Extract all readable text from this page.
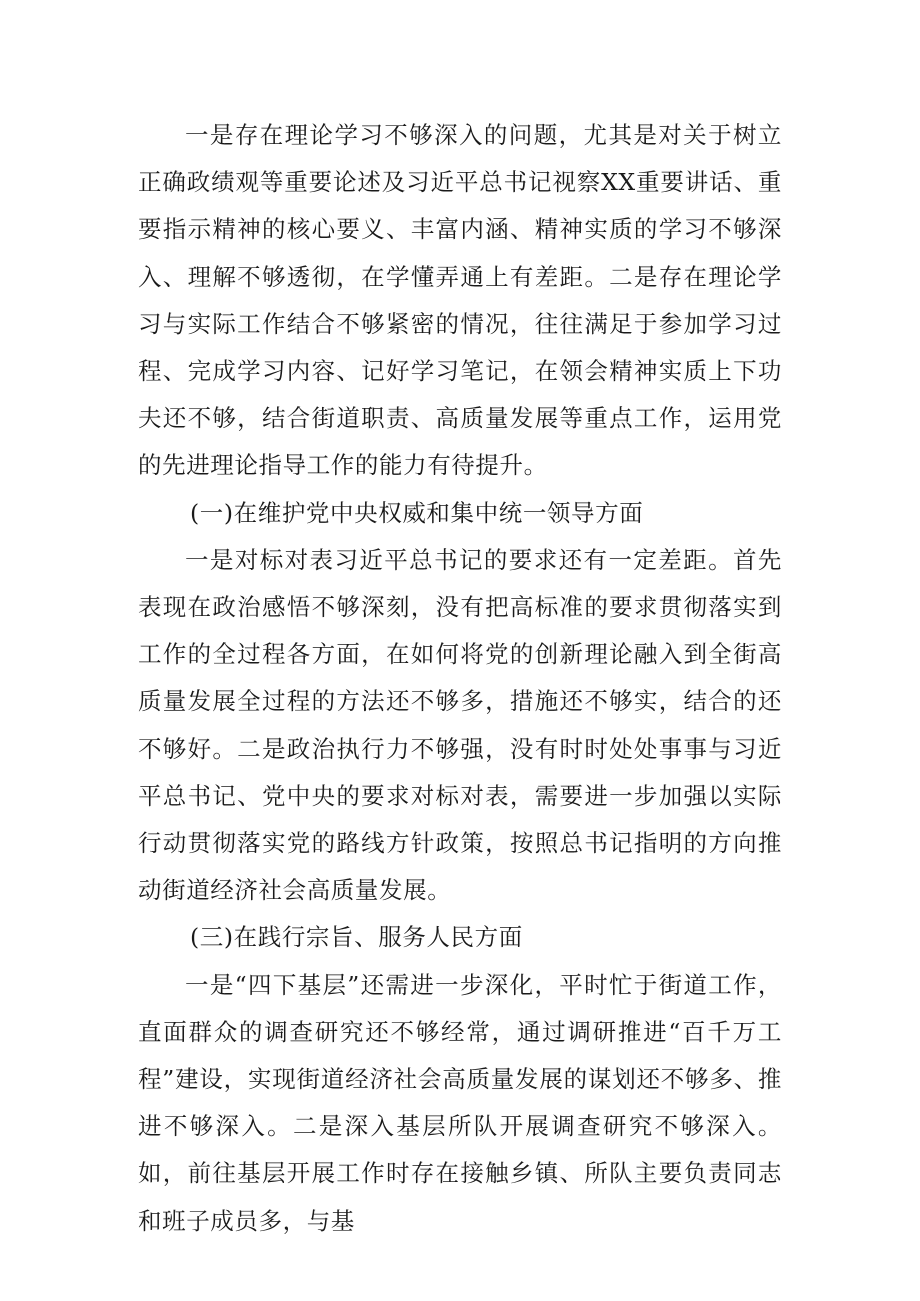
一是存在理论学习不够深入的问题，尤其是对关于树立正确政绩观等重要论述及习近平总书记视察XX重要讲话、重要指示精神的核心要义、丰富内涵、精神实质的学习不够深入、理解不够透彻，在学懂弄通上有差距。二是存在理论学习与实际工作结合不够紧密的情况，往往满足于参加学习过程、完成学习内容、记好学习笔记，在领会精神实质上下功夫还不够，结合街道职责、高质量发展等重点工作，运用党的先进理论指导工作的能力有待提升。

(一)在维护党中央权威和集中统一领导方面

一是对标对表习近平总书记的要求还有一定差距。首先表现在政治感悟不够深刻，没有把高标准的要求贯彻落实到工作的全过程各方面，在如何将党的创新理论融入到全街高质量发展全过程的方法还不够多，措施还不够实，结合的还不够好。二是政治执行力不够强，没有时时处处事事与习近平总书记、党中央的要求对标对表，需要进一步加强以实际行动贯彻落实党的路线方针政策，按照总书记指明的方向推动街道经济社会高质量发展。

(三)在践行宗旨、服务人民方面

一是“四下基层”还需进一步深化，平时忙于街道工作，直面群众的调查研究还不够经常，通过调研推进“百千万工程”建设，实现街道经济社会高质量发展的谋划还不够多、推进不够深入。二是深入基层所队开展调查研究不够深入。如，前往基层开展工作时存在接触乡镇、所队主要负责同志和班子成员多，与基
